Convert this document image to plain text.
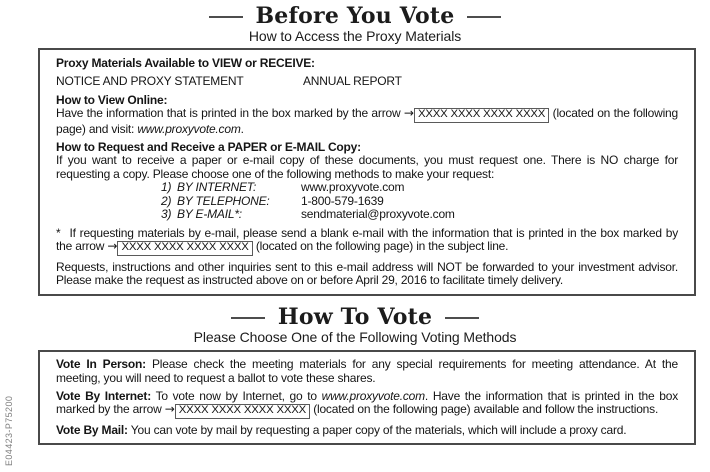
Before You Vote
How to Access the Proxy Materials

Proxy Materials Available to VIEW or RECEIVE:

NOTICE AND PROXY STATEMENT	ANNUAL REPORT

How to View Online:

Have the information that is printed in the box marked by the arrow → XXXX XXXX XXXX XXXX (located on the following page) and visit: www.proxyvote.com.

How to Request and Receive a PAPER or E-MAIL Copy:

If you want to receive a paper or e-mail copy of these documents, you must request one. There is NO charge for requesting a copy. Please choose one of the following methods to make your request:

1) BY INTERNET:	www.proxyvote.com
2) BY TELEPHONE:	1-800-579-1639
3) BY E-MAIL*:	sendmaterial@proxyvote.com

* If requesting materials by e-mail, please send a blank e-mail with the information that is printed in the box marked by the arrow → XXXX XXXX XXXX XXXX (located on the following page) in the subject line.

Requests, instructions and other inquiries sent to this e-mail address will NOT be forwarded to your investment advisor. Please make the request as instructed above on or before April 29, 2016 to facilitate timely delivery.

How To Vote
Please Choose One of the Following Voting Methods

Vote In Person: Please check the meeting materials for any special requirements for meeting attendance. At the meeting, you will need to request a ballot to vote these shares.

Vote By Internet: To vote now by Internet, go to www.proxyvote.com. Have the information that is printed in the box marked by the arrow → XXXX XXXX XXXX XXXX (located on the following page) available and follow the instructions.

Vote By Mail: You can vote by mail by requesting a paper copy of the materials, which will include a proxy card.

E04423-P75200
